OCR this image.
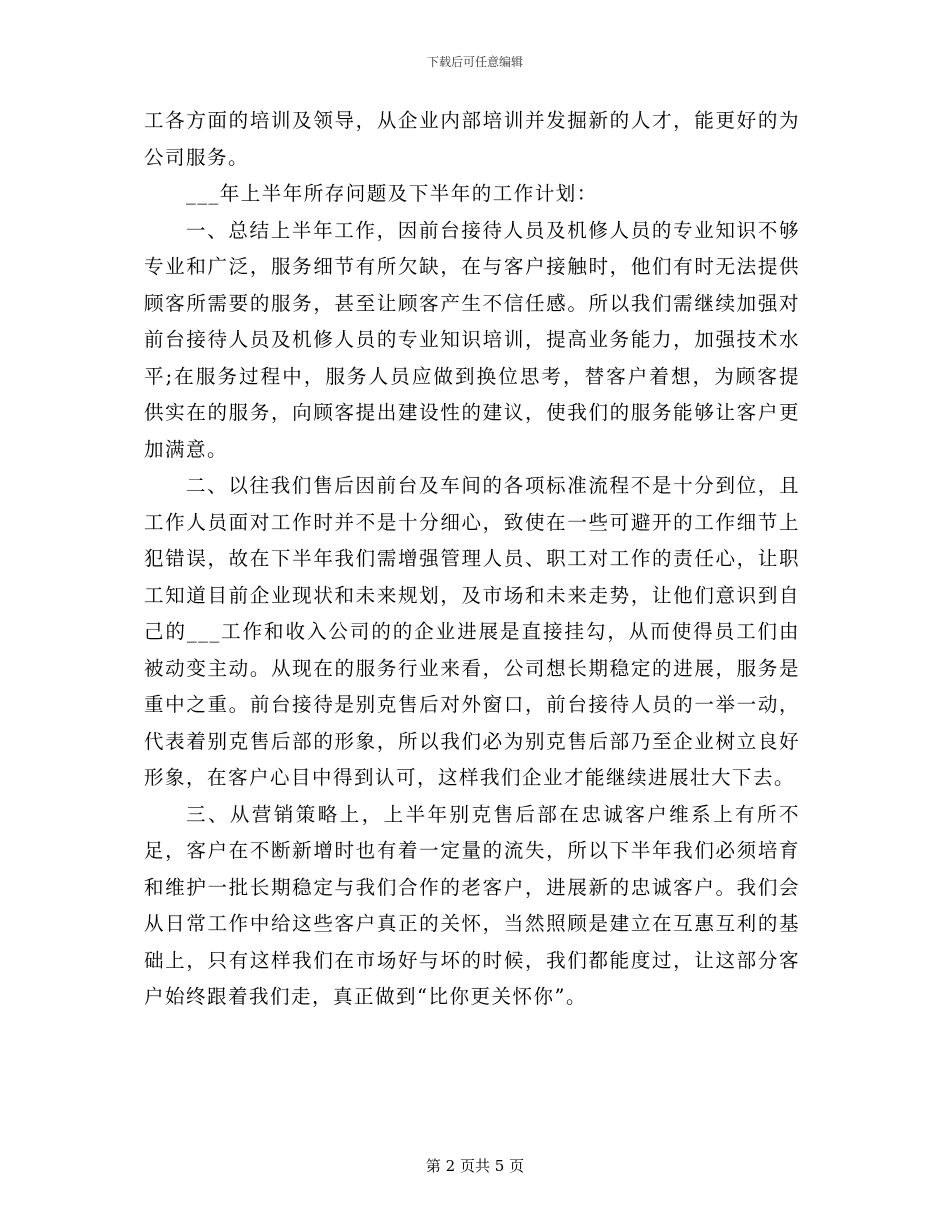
下载后可任意编辑

工各方面的培训及领导，从企业内部培训并发掘新的人才，能更好的为公司服务。

___年上半年所存问题及下半年的工作计划：

一、总结上半年工作，因前台接待人员及机修人员的专业知识不够专业和广泛，服务细节有所欠缺，在与客户接触时，他们有时无法提供顾客所需要的服务，甚至让顾客产生不信任感。所以我们需继续加强对前台接待人员及机修人员的专业知识培训，提高业务能力，加强技术水平;在服务过程中，服务人员应做到换位思考，替客户着想，为顾客提供实在的服务，向顾客提出建设性的建议，使我们的服务能够让客户更加满意。

二、以往我们售后因前台及车间的各项标准流程不是十分到位，且工作人员面对工作时并不是十分细心，致使在一些可避开的工作细节上犯错误，故在下半年我们需增强管理人员、职工对工作的责任心，让职工知道目前企业现状和未来规划，及市场和未来走势，让他们意识到自己的___工作和收入公司的的企业进展是直接挂勾，从而使得员工们由被动变主动。从现在的服务行业来看，公司想长期稳定的进展，服务是重中之重。前台接待是别克售后对外窗口，前台接待人员的一举一动，代表着别克售后部的形象，所以我们必为别克售后部乃至企业树立良好形象，在客户心目中得到认可，这样我们企业才能继续进展壮大下去。

三、从营销策略上，上半年别克售后部在忠诚客户维系上有所不足，客户在不断新增时也有着一定量的流失，所以下半年我们必须培育和维护一批长期稳定与我们合作的老客户，进展新的忠诚客户。我们会从日常工作中给这些客户真正的关怀，当然照顾是建立在互惠互利的基础上，只有这样我们在市场好与坏的时候，我们都能度过，让这部分客户始终跟着我们走，真正做到“比你更关怀你”。

第 2 页共 5 页
